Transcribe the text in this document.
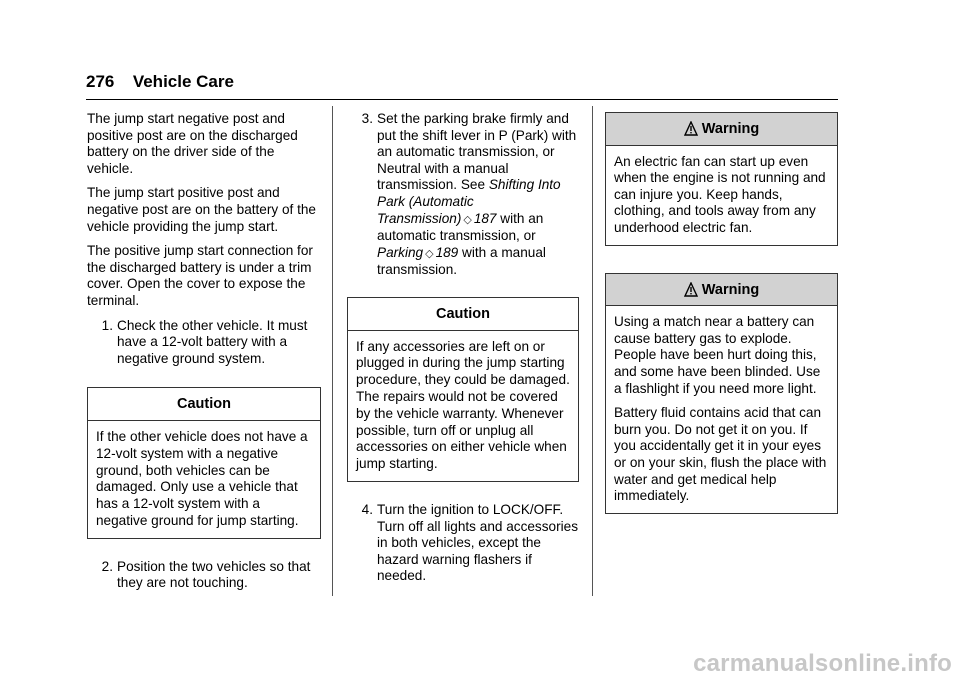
276 Vehicle Care

The jump start negative post and positive post are on the discharged battery on the driver side of the vehicle.

The jump start positive post and negative post are on the battery of the vehicle providing the jump start.

The positive jump start connection for the discharged battery is under a trim cover. Open the cover to expose the terminal.

1 . Check the other vehicle. It must have a 12-volt battery with a negative ground system.
Caution
If the other vehicle does not have a 12-volt system with a negative ground, both vehicles can be damaged. Only use a vehicle that has a 12-volt system with a negative ground for jump starting.
2 . Position the two vehicles so that they are not touching.
3 . Set the parking brake firmly and put the shift lever in P (Park) with an automatic transmission, or Neutral with a manual transmission. See Shifting Into Park (Automatic Transmission) ◇ 187 with an automatic transmission, or Parking ◇ 189 with a manual transmission.
Caution
If any accessories are left on or plugged in during the jump starting procedure, they could be damaged. The repairs would not be covered by the vehicle warranty. Whenever possible, turn off or unplug all accessories on either vehicle when jump starting.
4 . Turn the ignition to LOCK/OFF. Turn off all lights and accessories in both vehicles, except the hazard warning flashers if needed.
Warning

An electric fan can start up even when the engine is not running and can injure you. Keep hands, clothing, and tools away from any underhood electric fan.

Warning

Using a match near a battery can cause battery gas to explode. People have been hurt doing this, and some have been blinded. Use a flashlight if you need more light.

Battery fluid contains acid that can burn you. Do not get it on you. If you accidentally get it in your eyes or on your skin, flush the place with water and get medical help immediately.

carmanualsonline.info
